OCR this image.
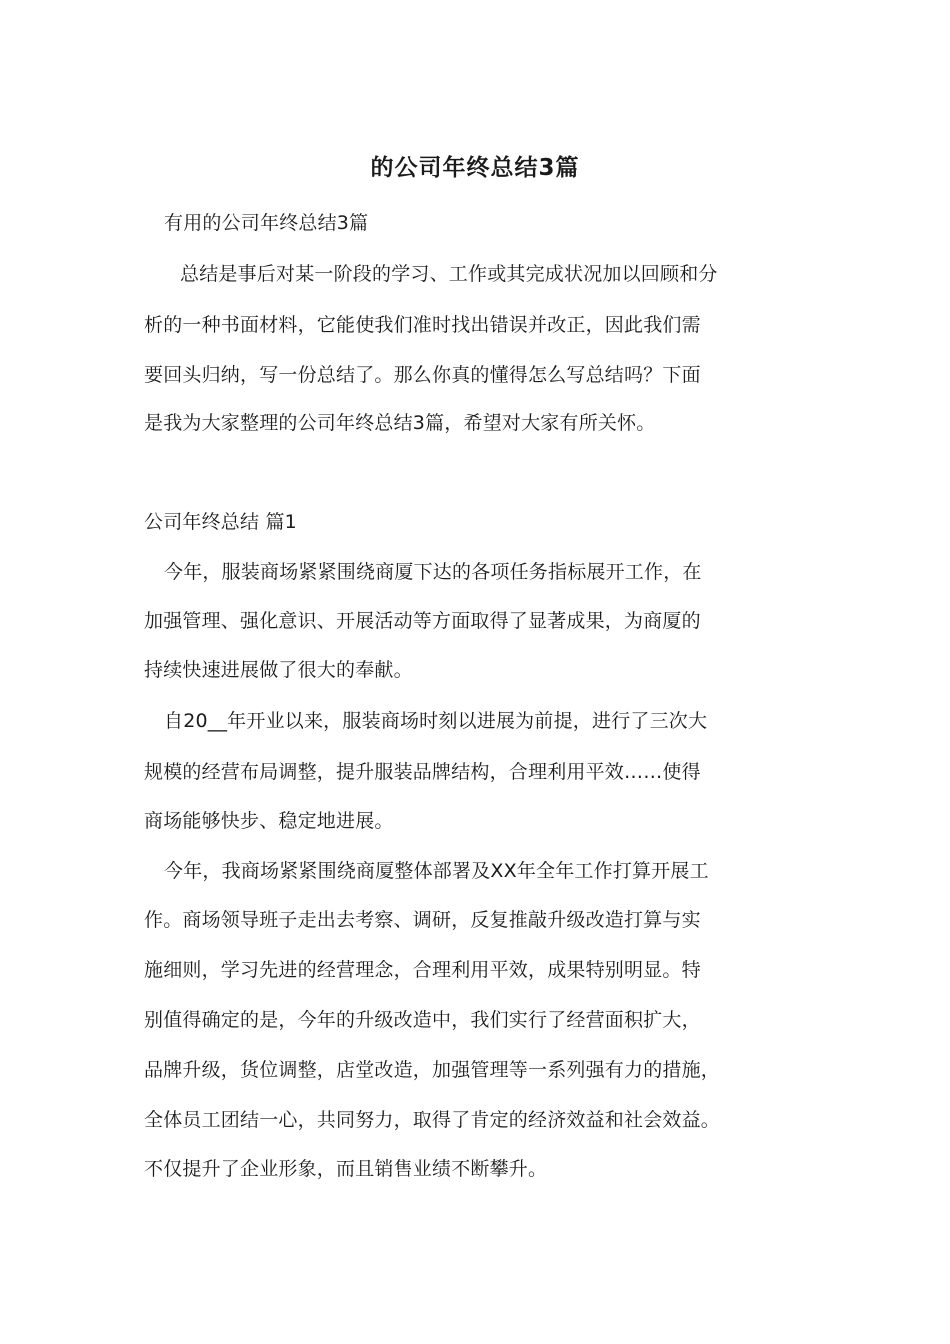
的公司年终总结3篇
有用的公司年终总结3篇
总结是事后对某一阶段的学习、工作或其完成状况加以回顾和分
析的一种书面材料，它能使我们准时找出错误并改正，因此我们需
要回头归纳，写一份总结了。那么你真的懂得怎么写总结吗？下面
是我为大家整理的公司年终总结3篇，希望对大家有所关怀。
公司年终总结 篇1
今年，服装商场紧紧围绕商厦下达的各项任务指标展开工作，在
加强管理、强化意识、开展活动等方面取得了显著成果，为商厦的
持续快速进展做了很大的奉献。
自20__年开业以来，服装商场时刻以进展为前提，进行了三次大
规模的经营布局调整，提升服装品牌结构，合理利用平效……使得
商场能够快步、稳定地进展。
今年，我商场紧紧围绕商厦整体部署及XX年全年工作打算开展工
作。商场领导班子走出去考察、调研，反复推敲升级改造打算与实
施细则，学习先进的经营理念，合理利用平效，成果特别明显。特
别值得确定的是，今年的升级改造中，我们实行了经营面积扩大，
品牌升级，货位调整，店堂改造，加强管理等一系列强有力的措施，
全体员工团结一心，共同努力，取得了肯定的经济效益和社会效益。
不仅提升了企业形象，而且销售业绩不断攀升。
